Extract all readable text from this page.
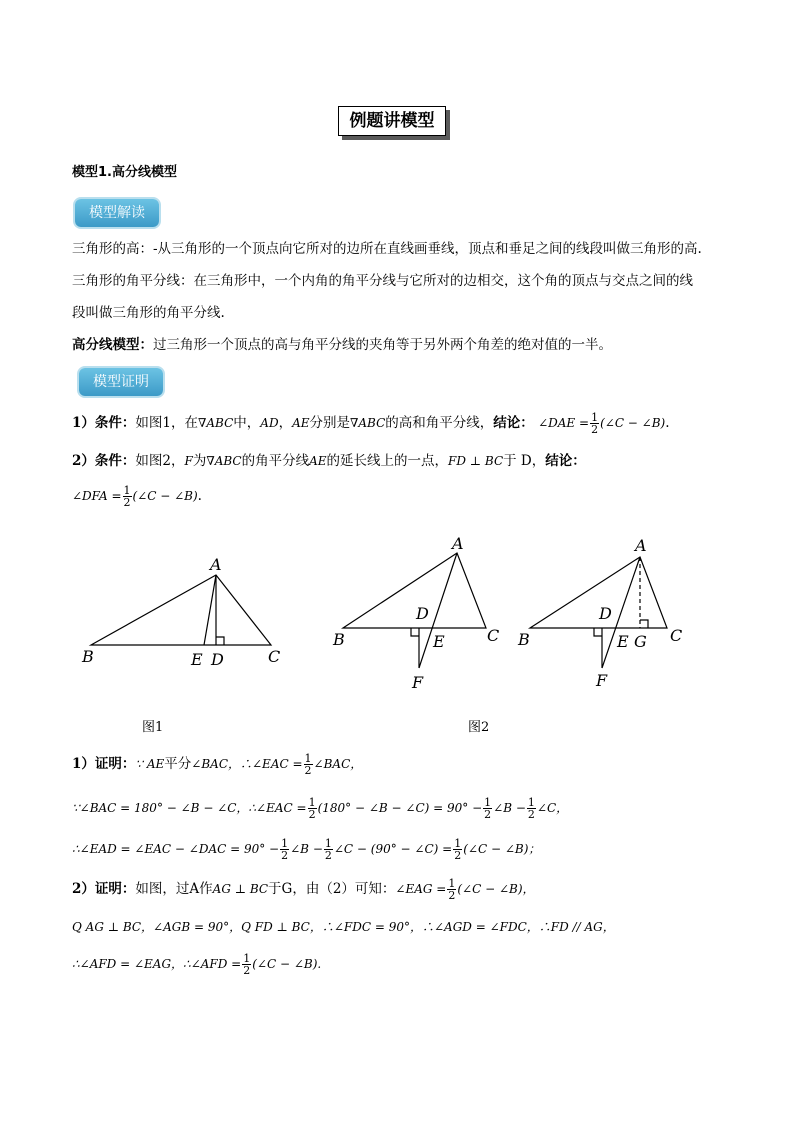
例题讲模型
模型1.高分线模型
模型解读
三角形的高：-从三角形的一个顶点向它所对的边所在直线画垂线，顶点和垂足之间的线段叫做三角形的高.
三角形的角平分线：在三角形中，一个内角的角平分线与它所对的边相交，这个角的顶点与交点之间的线
段叫做三角形的角平分线.
高分线模型：过三角形一个顶点的高与角平分线的夹角等于另外两个角差的绝对值的一半。
模型证明
1）条件：如图1，在∇ABC中，AD，AE分别是∇ABC的高和角平分线，结论： ∠DAE = $\frac{1}{2}$ (∠C − ∠B).
2）条件：如图2，F为∇ABC的角平分线AE的延长线上的一点，FD ⊥ BC于 D，结论：
∠DFA = $\frac{1}{2}$ (∠C − ∠B).
A
B	C
E D
A
B	C
D
E
F
A
B	C
D
E G
F
图1	图2
1）证明：∵ AE平分∠BAC，∴∠EAC = $\frac{1}{2}$ ∠BAC，
∵∠BAC = 180° − ∠B − ∠C，∴∠EAC = $\frac{1}{2} (180^\circ$ − ∠B − ∠C) = $90^\circ - \frac{1}{2}$ ∠B − $\frac{1}{2}$ ∠C，
∴∠EAD = ∠EAC − ∠DAC = $90^\circ - \frac{1}{2}$ ∠B − $\frac{1}{2}$ ∠C − (90° − ∠C) = $\frac{1}{2}$ (∠C − ∠B)；
2）证明：如图，过A作AG ⊥ BC于G，由（2）可知：∠EAG = $\frac{1}{2}$ (∠C − ∠B)，
Q AG ⊥ BC，∠AGB = 90°，Q FD ⊥ BC，∴∠FDC = 90°，∴∠AGD = ∠FDC，∴FD // AG，
∴∠AFD = ∠EAG，∴∠AFD = $\frac{1}{2}$ (∠C − ∠B).
